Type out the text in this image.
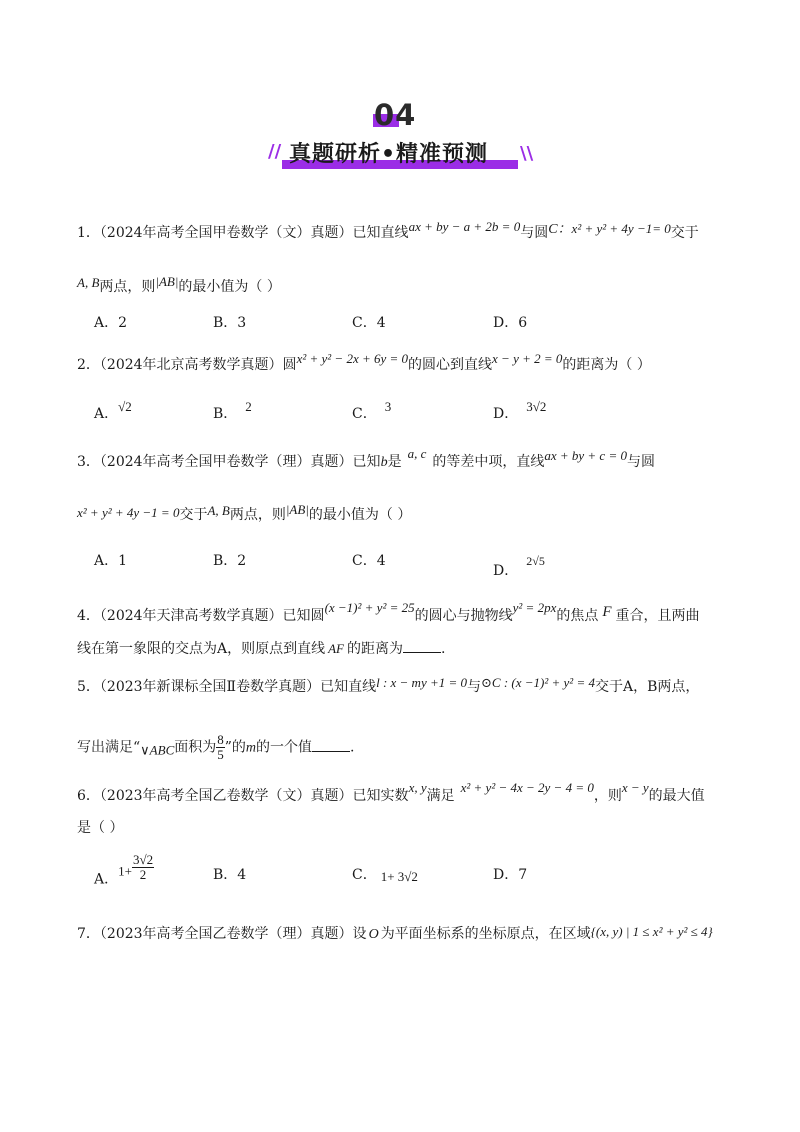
04
// 真题研析•精准预测 \\
1．（2024年高考全国甲卷数学（文）真题）已知直线ax + by − a + 2b = 0与圆C：x² + y² + 4y −1= 0交于
A, B两点，则|AB|的最小值为（ ）
A．2	B．3	C．4	D．6
2．（2024年北京高考数学真题）圆x² + y² − 2x + 6y = 0的圆心到直线x − y + 2 = 0的距离为（ ）
A．√2	B． 2	C． 3	D． 3√2
3．（2024年高考全国甲卷数学（理）真题）已知b是a, c的等差中项，直线ax + by + c = 0与圆
x² + y² + 4y −1 = 0交于A, B两点，则|AB|的最小值为（ ）
A．1	B．2	C．4
D．2√5
4．（2024年天津高考数学真题）已知圆(x −1)² + y² = 25的圆心与抛物线y² = 2px的焦点 F 重合，且两曲
线在第一象限的交点为A，则原点到直线 AF 的距离为	.
5．（2023年新课标全国Ⅱ卷数学真题）已知直线l : x − my +1 = 0与⊙C : (x −1)² + y² = 4交于A，B两点，
写出满足“∨ABC面积为 $\frac{8}{5}$ ”的m的一个值	.
6．（2023年高考全国乙卷数学（文）真题）已知实数x, y满足x² + y² − 4x − 2y − 4 = 0，则x − y的最大值
是（ ）
A．$1+ \frac{3√2}{2}$	B．4	C． 1+ 3√2	D．7
7．（2023年高考全国乙卷数学（理）真题）设 O 为平面坐标系的坐标原点，在区域{(x, y) | 1 ≤ x² + y² ≤ 4}
